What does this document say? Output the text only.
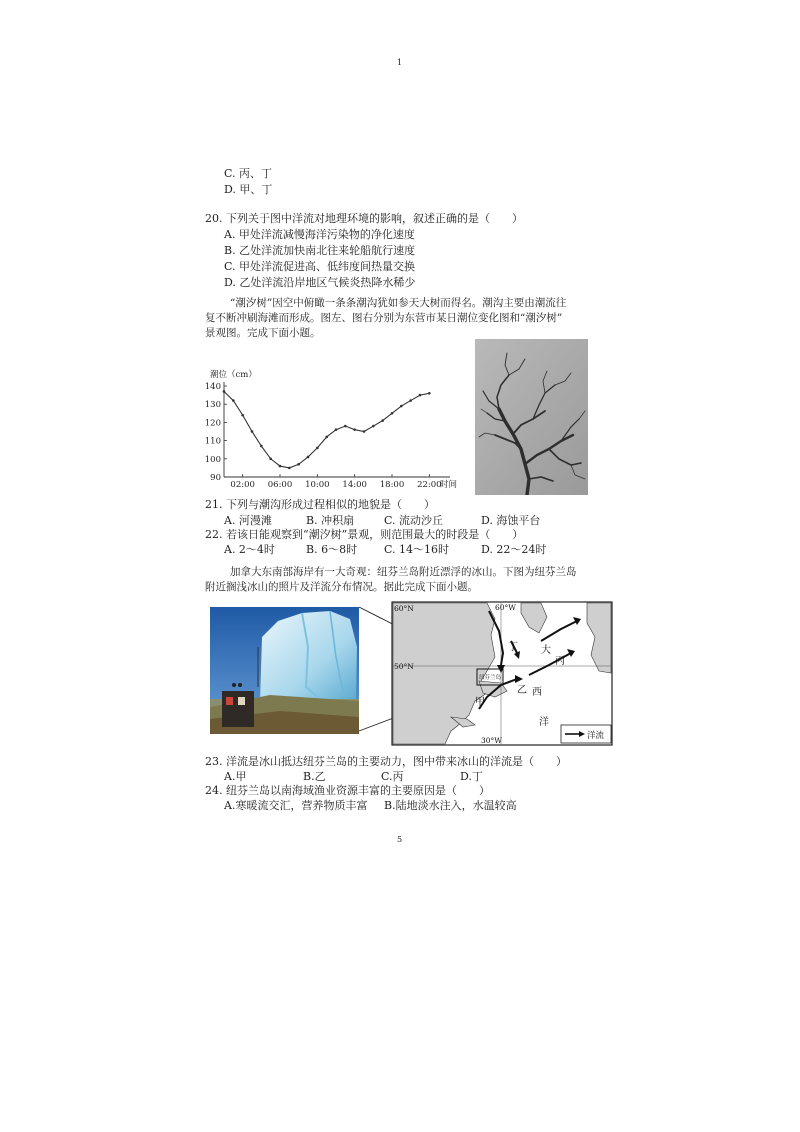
1
C. 丙、丁
D. 甲、丁
20. 下列关于图中洋流对地理环境的影响，叙述正确的是（　　）
A. 甲处洋流减慢海洋污染物的净化速度
B. 乙处洋流加快南北往来轮船航行速度
C. 甲处洋流促进高、低纬度间热量交换
D. 乙处洋流沿岸地区气候炎热降水稀少
“潮汐树”因空中俯瞰一条条潮沟犹如参天大树而得名。潮沟主要由潮流往
复不断冲刷海滩而形成。图左、图右分别为东营市某日潮位变化图和“潮汐树”
景观图。完成下面小题。
潮位（cm）
时间
90
100
110
120
130
140
02:00 06:00 10:00 14:00 18:00 22:00
21. 下列与潮沟形成过程相似的地貌是（　　）
A. 河漫滩	B. 冲积扇	C. 流动沙丘	D. 海蚀平台
22. 若该日能观察到“潮汐树”景观，则范围最大的时段是（　　）
A. 2～4时	B. 6～8时 C. 14～16时	D. 22～24时
加拿大东南部海岸有一大奇观：纽芬兰岛附近漂浮的冰山。下图为纽芬兰岛
附近搁浅冰山的照片及洋流分布情况。据此完成下面小题。
60°N	60°W
50°N
30°W
纽芬兰岛
丁 大
丙
乙 西
甲
洋
洋流
23. 洋流是冰山抵达纽芬兰岛的主要动力，图中带来冰山的洋流是（　　）
A.甲	B.乙	C.丙	D.丁
24. 纽芬兰岛以南海域渔业资源丰富的主要原因是（　　）
A.寒暖流交汇，营养物质丰富 B.陆地淡水注入，水温较高
5
